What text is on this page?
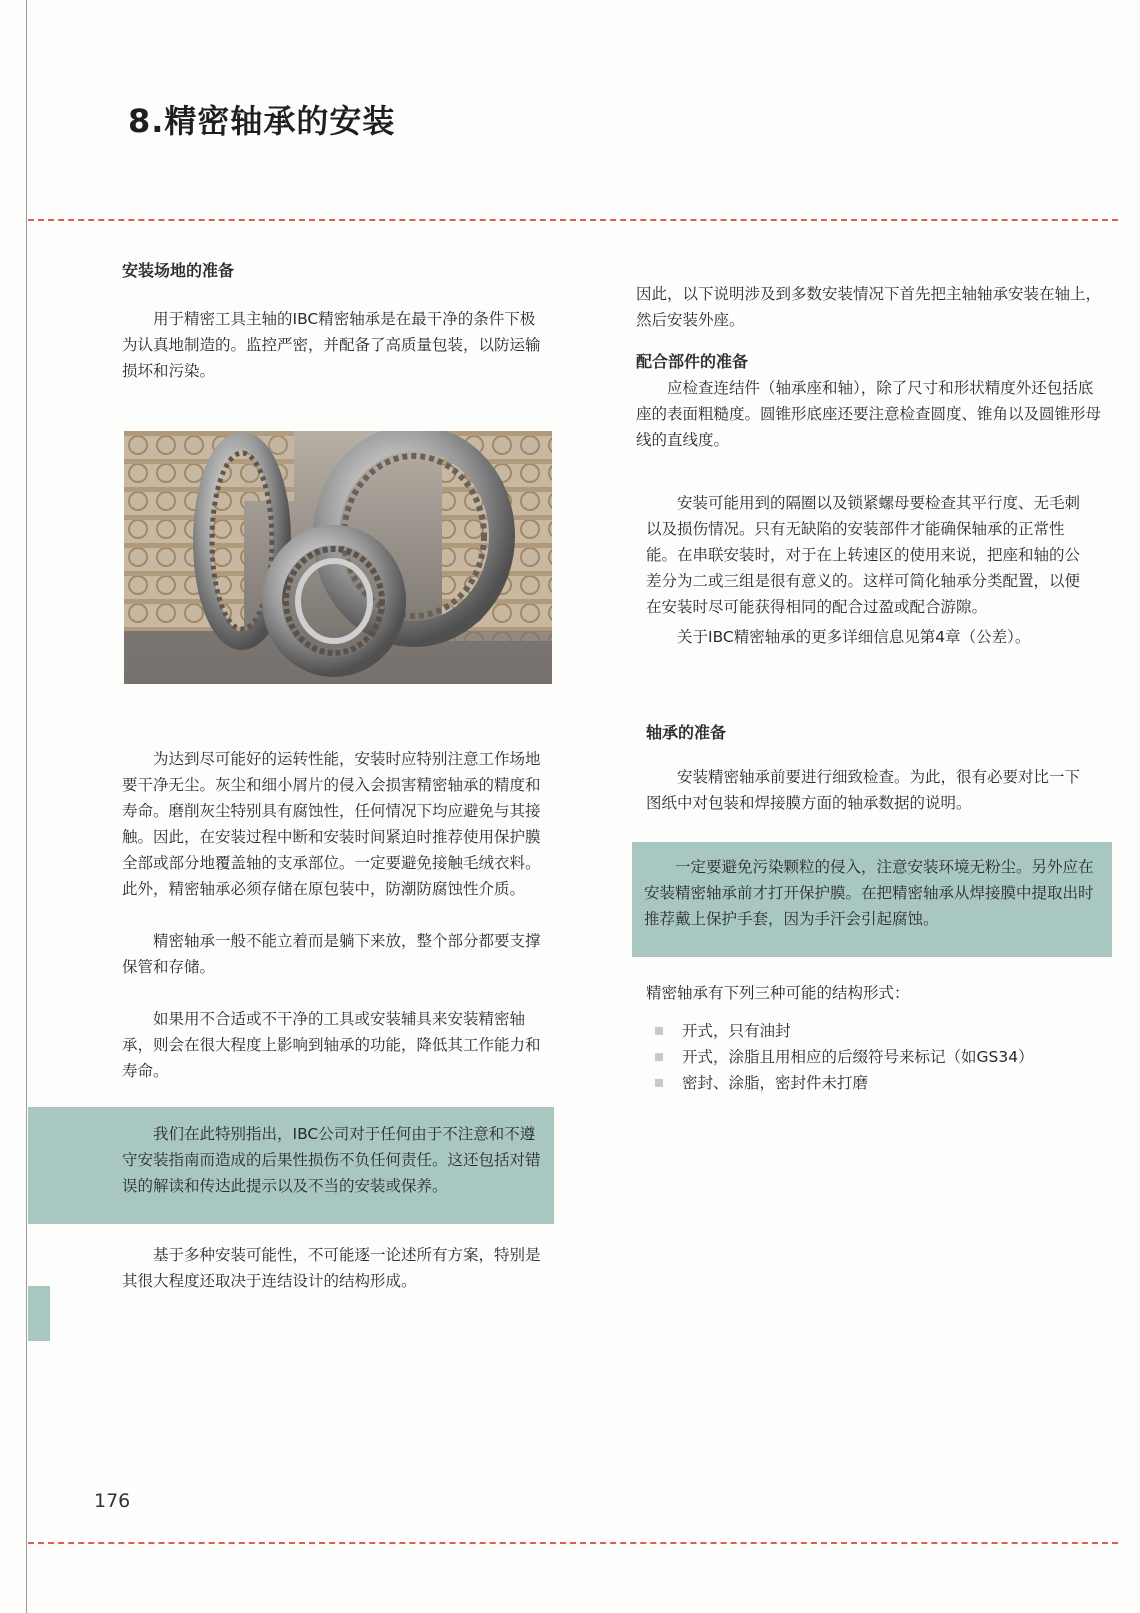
8.精密轴承的安装

安装场地的准备

用于精密工具主轴的IBC精密轴承是在最干净的条件下极为认真地制造的。监控严密，并配备了高质量包装，以防运输损坏和污染。

为达到尽可能好的运转性能，安装时应特别注意工作场地要干净无尘。灰尘和细小屑片的侵入会损害精密轴承的精度和寿命。磨削灰尘特别具有腐蚀性，任何情况下均应避免与其接触。因此，在安装过程中断和安装时间紧迫时推荐使用保护膜全部或部分地覆盖轴的支承部位。一定要避免接触毛绒衣料。此外，精密轴承必须存储在原包装中，防潮防腐蚀性介质。

精密轴承一般不能立着而是躺下来放，整个部分都要支撑保管和存储。

如果用不合适或不干净的工具或安装辅具来安装精密轴承，则会在很大程度上影响到轴承的功能，降低其工作能力和寿命。

我们在此特别指出，IBC公司对于任何由于不注意和不遵守安装指南而造成的后果性损伤不负任何责任。这还包括对错误的解读和传达此提示以及不当的安装或保养。

基于多种安装可能性，不可能逐一论述所有方案，特别是其很大程度还取决于连结设计的结构形成。

因此，以下说明涉及到多数安装情况下首先把主轴轴承安装在轴上，然后安装外座。

配合部件的准备

应检查连结件（轴承座和轴），除了尺寸和形状精度外还包括底座的表面粗糙度。圆锥形底座还要注意检查圆度、锥角以及圆锥形母线的直线度。

安装可能用到的隔圈以及锁紧螺母要检查其平行度、无毛刺以及损伤情况。只有无缺陷的安装部件才能确保轴承的正常性能。在串联安装时，对于在上转速区的使用来说，把座和轴的公差分为二或三组是很有意义的。这样可简化轴承分类配置，以便在安装时尽可能获得相同的配合过盈或配合游隙。

关于IBC精密轴承的更多详细信息见第4章（公差）。

轴承的准备

安装精密轴承前要进行细致检查。为此，很有必要对比一下图纸中对包装和焊接膜方面的轴承数据的说明。

一定要避免污染颗粒的侵入，注意安装环境无粉尘。另外应在安装精密轴承前才打开保护膜。在把精密轴承从焊接膜中提取出时推荐戴上保护手套，因为手汗会引起腐蚀。

精密轴承有下列三种可能的结构形式：

开式，只有油封
开式，涂脂且用相应的后缀符号来标记（如GS34）
密封、涂脂，密封件未打磨
176
